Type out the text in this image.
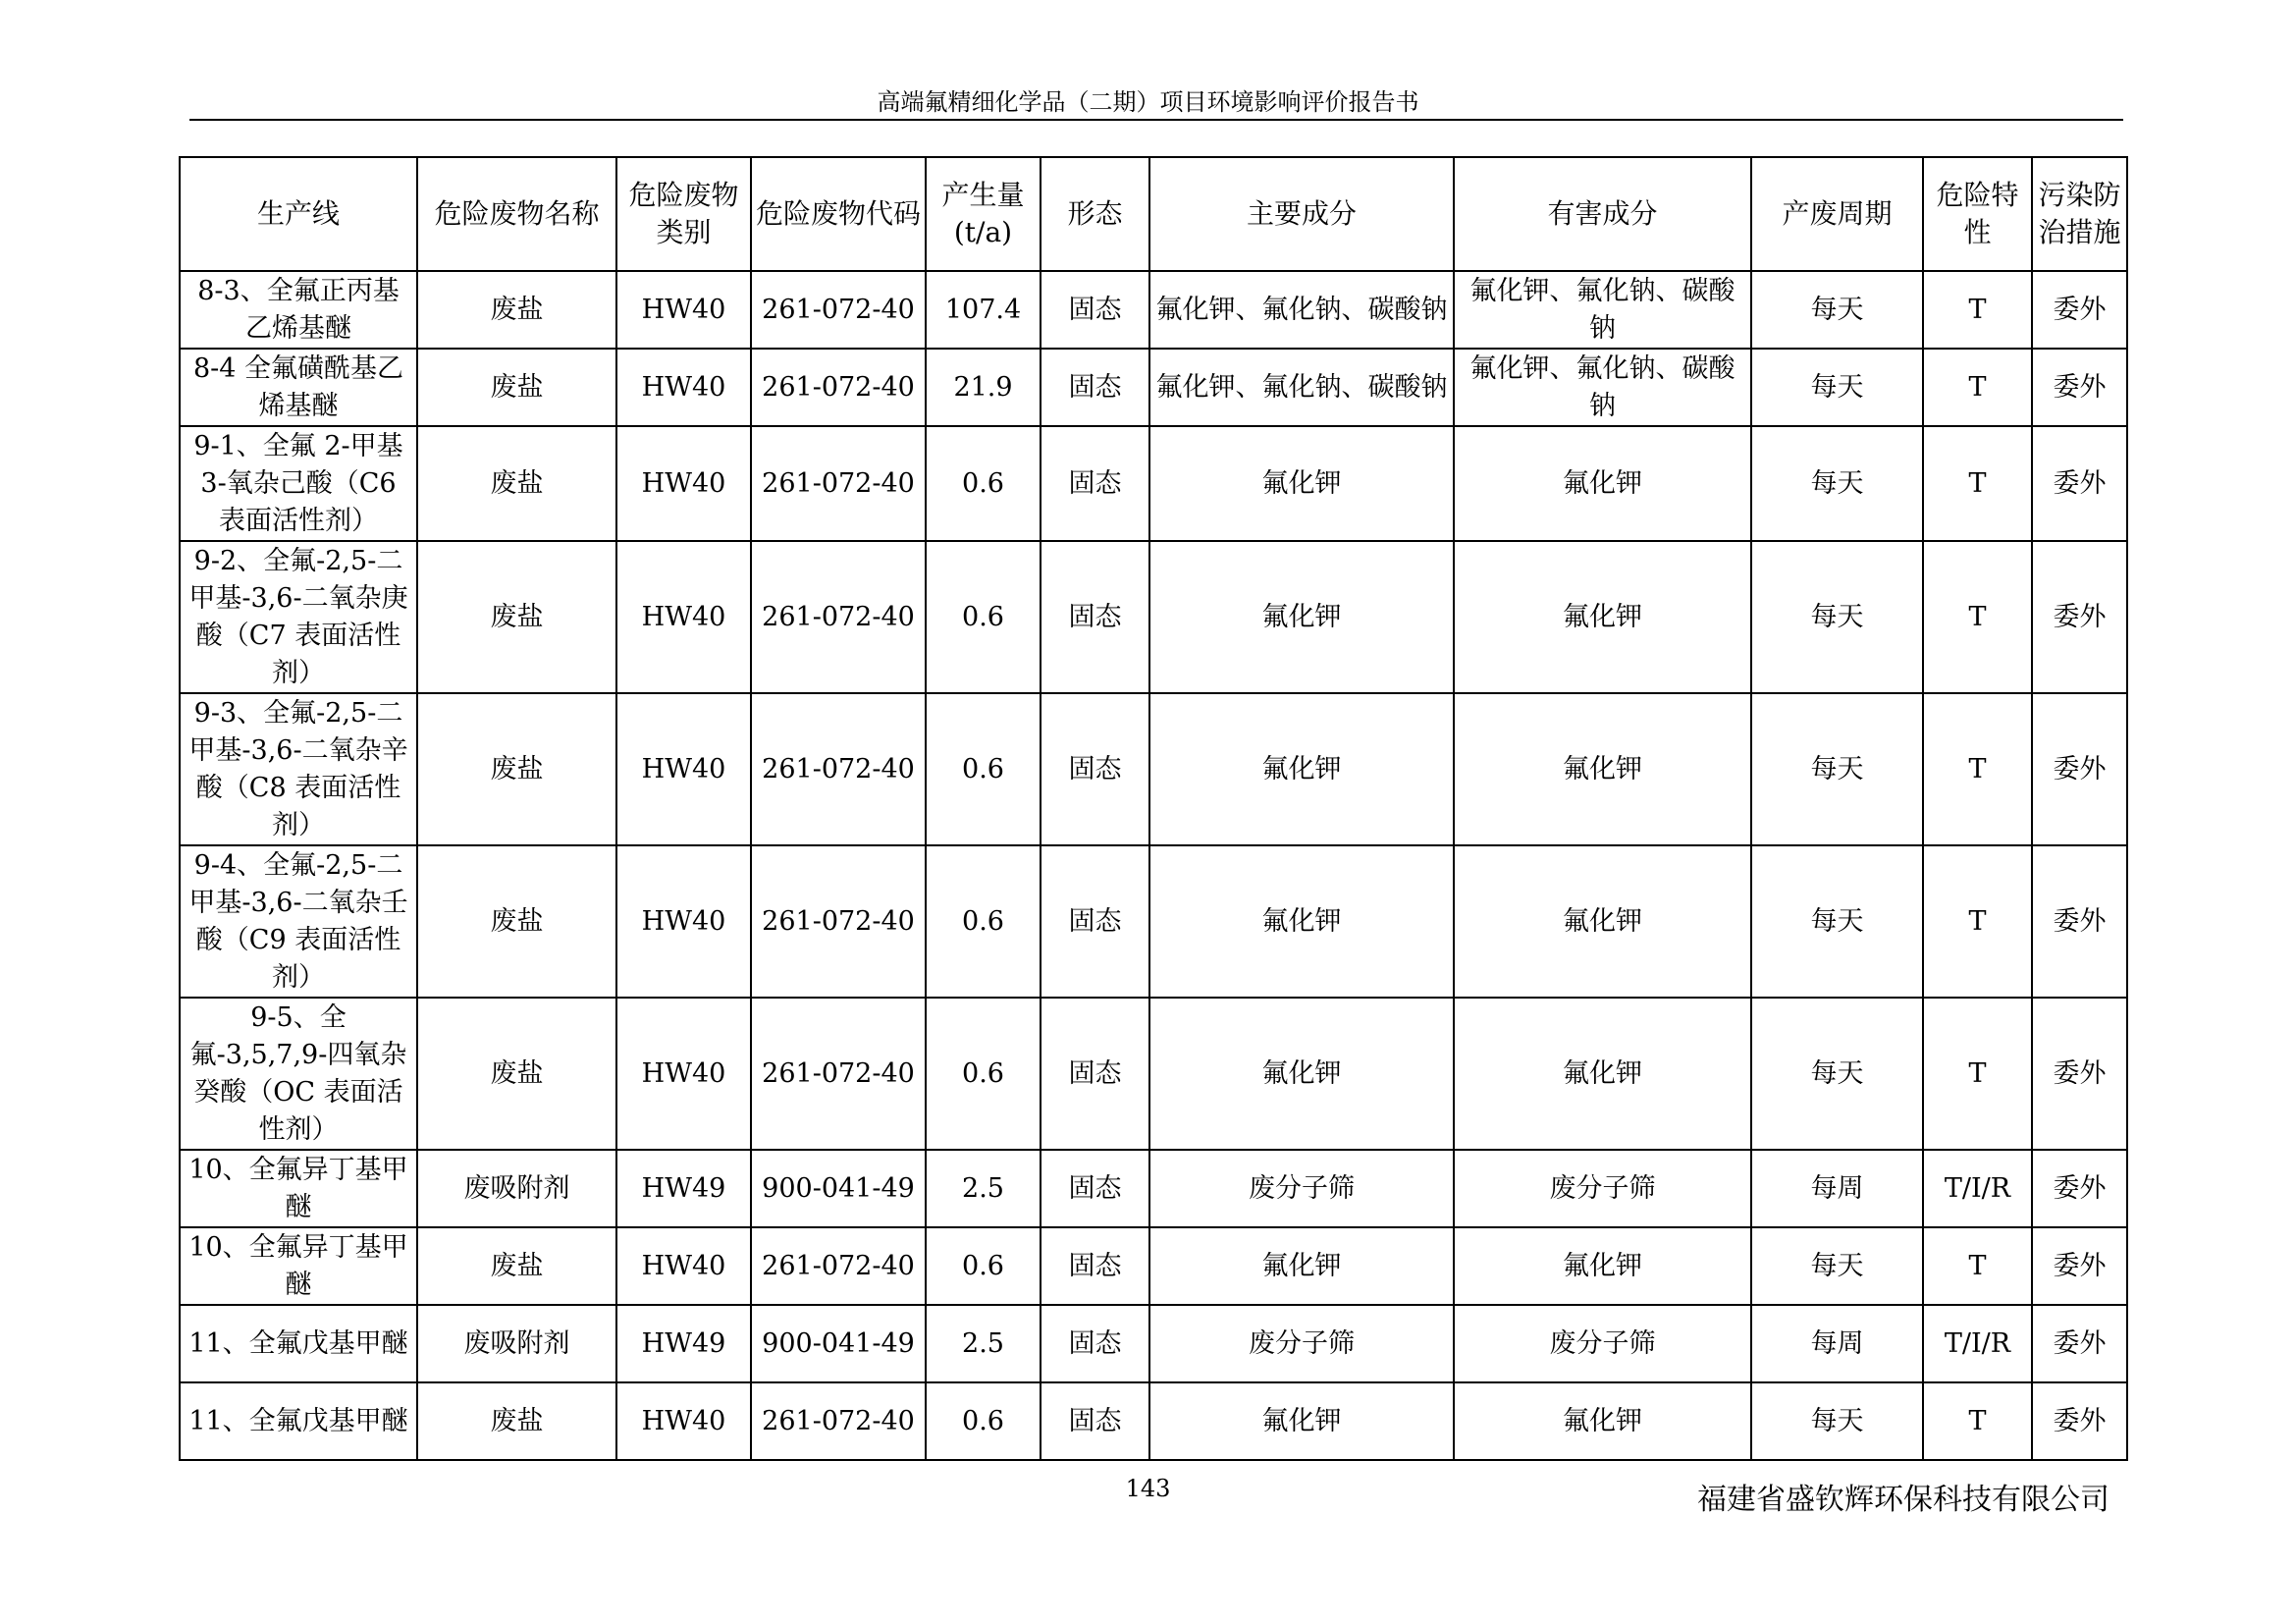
高端氟精细化学品（二期）项目环境影响评价报告书
生产线	危险废物名称	危险废物类别	危险废物代码	产生量(t/a)	形态	主要成分	有害成分	产废周期	危险特性	污染防治措施
8-3、全氟正丙基乙烯基醚	废盐	HW40	261-072-40	107.4	固态	氟化钾、氟化钠、碳酸钠	氟化钾、氟化钠、碳酸钠	每天	T	委外
8-4 全氟磺酰基乙烯基醚	废盐	HW40	261-072-40	21.9	固态	氟化钾、氟化钠、碳酸钠	氟化钾、氟化钠、碳酸钠	每天	T	委外
9-1、全氟 2-甲基 3-氧杂己酸（C6 表面活性剂）	废盐	HW40	261-072-40	0.6	固态	氟化钾	氟化钾	每天	T	委外
9-2、全氟-2,5-二甲基-3,6-二氧杂庚酸（C7 表面活性剂）	废盐	HW40	261-072-40	0.6	固态	氟化钾	氟化钾	每天	T	委外
9-3、全氟-2,5-二甲基-3,6-二氧杂辛酸（C8 表面活性剂）	废盐	HW40	261-072-40	0.6	固态	氟化钾	氟化钾	每天	T	委外
9-4、全氟-2,5-二甲基-3,6-二氧杂壬酸（C9 表面活性剂）	废盐	HW40	261-072-40	0.6	固态	氟化钾	氟化钾	每天	T	委外
9-5、全氟-3,5,7,9-四氧杂癸酸（OC 表面活性剂）	废盐	HW40	261-072-40	0.6	固态	氟化钾	氟化钾	每天	T	委外
10、全氟异丁基甲醚	废吸附剂	HW49	900-041-49	2.5	固态	废分子筛	废分子筛	每周	T/I/R	委外
10、全氟异丁基甲醚	废盐	HW40	261-072-40	0.6	固态	氟化钾	氟化钾	每天	T	委外
11、全氟戊基甲醚	废吸附剂	HW49	900-041-49	2.5	固态	废分子筛	废分子筛	每周	T/I/R	委外
11、全氟戊基甲醚	废盐	HW40	261-072-40	0.6	固态	氟化钾	氟化钾	每天	T	委外
143	福建省盛钦辉环保科技有限公司
